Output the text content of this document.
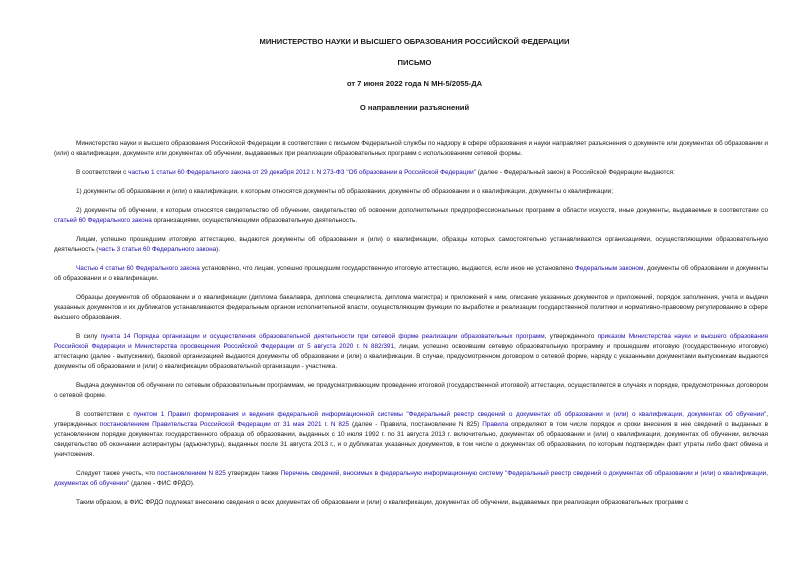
МИНИСТЕРСТВО НАУКИ И ВЫСШЕГО ОБРАЗОВАНИЯ РОССИЙСКОЙ ФЕДЕРАЦИИ

ПИСЬМО

от 7 июня 2022 года N МН-5/2055-ДА

О направлении разъяснений

Министерство науки и высшего образования Российской Федерации в соответствии с письмом Федеральной службы по надзору в сфере образования и науки направляет разъяснения о документе или документах об образовании и (или) о квалификации, документе или документах об обучении, выдаваемых при реализации образовательных программ с использованием сетевой формы.

В соответствии с частью 1 статьи 60 Федерального закона от 29 декабря 2012 г. N 273-ФЗ "Об образовании в Российской Федерации" (далее - Федеральный закон) в Российской Федерации выдаются:

1) документы об образовании и (или) о квалификации, к которым относятся документы об образовании, документы об образовании и о квалификации, документы о квалификации;

2) документы об обучении, к которым относятся свидетельство об обучении, свидетельство об освоении дополнительных предпрофессиональных программ в области искусств, иные документы, выдаваемые в соответствии со статьей 60 Федерального закона организациями, осуществляющими образовательную деятельность.

Лицам, успешно прошедшим итоговую аттестацию, выдаются документы об образовании и (или) о квалификации, образцы которых самостоятельно устанавливаются организациями, осуществляющими образовательную деятельность (часть 3 статьи 60 Федерального закона).

Частью 4 статьи 60 Федерального закона установлено, что лицам, успешно прошедшим государственную итоговую аттестацию, выдаются, если иное не установлено Федеральным законом, документы об образовании и документы об образовании и о квалификации.

Образцы документов об образовании и о квалификации (диплома бакалавра, диплома специалиста, диплома магистра) и приложений к ним, описание указанных документов и приложений, порядок заполнения, учета и выдачи указанных документов и их дубликатов устанавливаются федеральным органом исполнительной власти, осуществляющим функции по выработке и реализации государственной политики и нормативно-правовому регулированию в сфере высшего образования.

В силу пункта 14 Порядка организации и осуществления образовательной деятельности при сетевой форме реализации образовательных программ, утвержденного приказом Министерства науки и высшего образования Российской Федерации и Министерства просвещения Российской Федерации от 5 августа 2020 г. N 882/391, лицам, успешно освоившим сетевую образовательную программу и прошедшим итоговую (государственную итоговую) аттестацию (далее - выпускники), базовой организацией выдаются документы об образовании и (или) о квалификации. В случае, предусмотренном договором о сетевой форме, наряду с указанными документами выпускникам выдаются документы об образовании и (или) о квалификации образовательной организации - участника.

Выдача документов об обучении по сетевым образовательным программам, не предусматривающим проведение итоговой (государственной итоговой) аттестации, осуществляется в случаях и порядке, предусмотренных договором о сетевой форме.

В соответствии с пунктом 1 Правил формирования и ведения федеральной информационной системы "Федеральный реестр сведений о документах об образовании и (или) о квалификации, документах об обучении", утвержденных постановлением Правительства Российской Федерации от 31 мая 2021 г. N 825 (далее - Правила, постановление N 825) Правила определяют в том числе порядок и сроки внесения в нее сведений о выданных в установленном порядке документах государственного образца об образовании, выданных с 10 июля 1992 г. по 31 августа 2013 г. включительно, документах об образовании и (или) о квалификации, документах об обучении, включая свидетельство об окончании аспирантуры (адъюнктуры), выданных после 31 августа 2013 г., и о дубликатах указанных документов, в том числе о документах об образовании, по которым подтвержден факт утраты либо факт обмена и уничтожения.

Следует также учесть, что постановлением N 825 утвержден также Перечень сведений, вносимых в федеральную информационную систему "Федеральный реестр сведений о документах об образовании и (или) о квалификации, документах об обучении" (далее - ФИС ФРДО).

Таким образом, в ФИС ФРДО подлежат внесению сведения о всех документах об образовании и (или) о квалификации, документах об обучении, выдаваемых при реализации образовательных программ с
